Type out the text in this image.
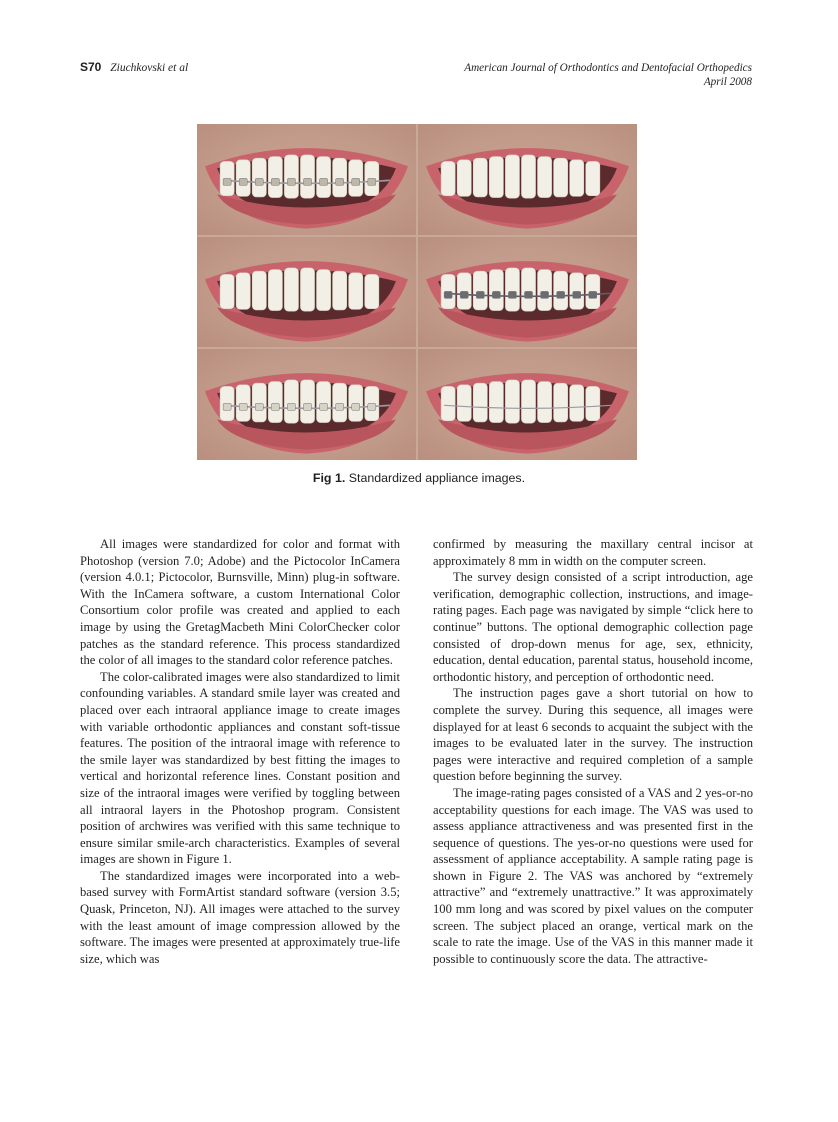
S70 Ziuchkovski et al	American Journal of Orthodontics and Dentofacial Orthopedics
April 2008
Fig 1. Standardized appliance images.

All images were standardized for color and format with Photoshop (version 7.0; Adobe) and the Pictocolor InCamera (version 4.0.1; Pictocolor, Burnsville, Minn) plug-in software. With the InCamera software, a custom International Color Consortium color profile was created and applied to each image by using the GretagMacbeth Mini ColorChecker color patches as the standard reference. This process standardized the color of all images to the standard color reference patches.

The color-calibrated images were also standardized to limit confounding variables. A standard smile layer was created and placed over each intraoral appliance image to create images with variable orthodontic appliances and constant soft-tissue features. The position of the intraoral image with reference to the smile layer was standardized by best fitting the images to vertical and horizontal reference lines. Constant position and size of the intraoral images were verified by toggling between all intraoral layers in the Photoshop program. Consistent position of archwires was verified with this same technique to ensure similar smile-arch characteristics. Examples of several images are shown in Figure 1.

The standardized images were incorporated into a web-based survey with FormArtist standard software (version 3.5; Quask, Princeton, NJ). All images were attached to the survey with the least amount of image compression allowed by the software. The images were presented at approximately true-life size, which was

confirmed by measuring the maxillary central incisor at approximately 8 mm in width on the computer screen.

The survey design consisted of a script introduction, age verification, demographic collection, instructions, and image-rating pages. Each page was navigated by simple “click here to continue” buttons. The optional demographic collection page consisted of drop-down menus for age, sex, ethnicity, education, dental education, parental status, household income, orthodontic history, and perception of orthodontic need.

The instruction pages gave a short tutorial on how to complete the survey. During this sequence, all images were displayed for at least 6 seconds to acquaint the subject with the images to be evaluated later in the survey. The instruction pages were interactive and required completion of a sample question before beginning the survey.

The image-rating pages consisted of a VAS and 2 yes-or-no acceptability questions for each image. The VAS was used to assess appliance attractiveness and was presented first in the sequence of questions. The yes-or-no questions were used for assessment of appliance acceptability. A sample rating page is shown in Figure 2. The VAS was anchored by “extremely attractive” and “extremely unattractive.” It was approximately 100 mm long and was scored by pixel values on the computer screen. The subject placed an orange, vertical mark on the scale to rate the image. Use of the VAS in this manner made it possible to continuously score the data. The attractive-
